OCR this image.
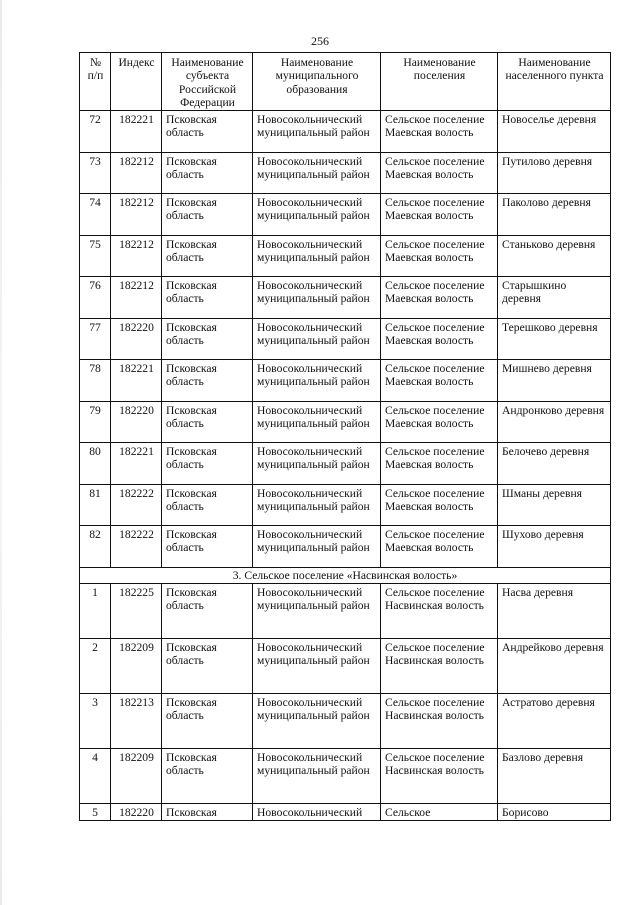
256
№ п/п	Индекс	Наименование субъекта Российской Федерации	Наименование муниципального образования	Наименование поселения	Наименование населенного пункта
72	182221	Псковская область	Новосокольнический муниципальный район	Сельское поселение Маевская волость	Новоселье деревня
73	182212	Псковская область	Новосокольнический муниципальный район	Сельское поселение Маевская волость	Путилово деревня
74	182212	Псковская область	Новосокольнический муниципальный район	Сельское поселение Маевская волость	Паколово деревня
75	182212	Псковская область	Новосокольнический муниципальный район	Сельское поселение Маевская волость	Станьково деревня
76	182212	Псковская область	Новосокольнический муниципальный район	Сельское поселение Маевская волость	Старышкино деревня
77	182220	Псковская область	Новосокольнический муниципальный район	Сельское поселение Маевская волость	Терешково деревня
78	182221	Псковская область	Новосокольнический муниципальный район	Сельское поселение Маевская волость	Мишнево деревня
79	182220	Псковская область	Новосокольнический муниципальный район	Сельское поселение Маевская волость	Андронково деревня
80	182221	Псковская область	Новосокольнический муниципальный район	Сельское поселение Маевская волость	Белочево деревня
81	182222	Псковская область	Новосокольнический муниципальный район	Сельское поселение Маевская волость	Шманы деревня
82	182222	Псковская область	Новосокольнический муниципальный район	Сельское поселение Маевская волость	Шухово деревня
3. Сельское поселение «Насвинская волость»					
1	182225	Псковская область	Новосокольнический муниципальный район	Сельское поселение Насвинская волость	Насва деревня
2	182209	Псковская область	Новосокольнический муниципальный район	Сельское поселение Насвинская волость	Андрейково деревня
3	182213	Псковская область	Новосокольнический муниципальный район	Сельское поселение Насвинская волость	Астратово деревня
4	182209	Псковская область	Новосокольнический муниципальный район	Сельское поселение Насвинская волость	Базлово деревня
5	182220	Псковская	Новосокольнический	Сельское	Борисово
